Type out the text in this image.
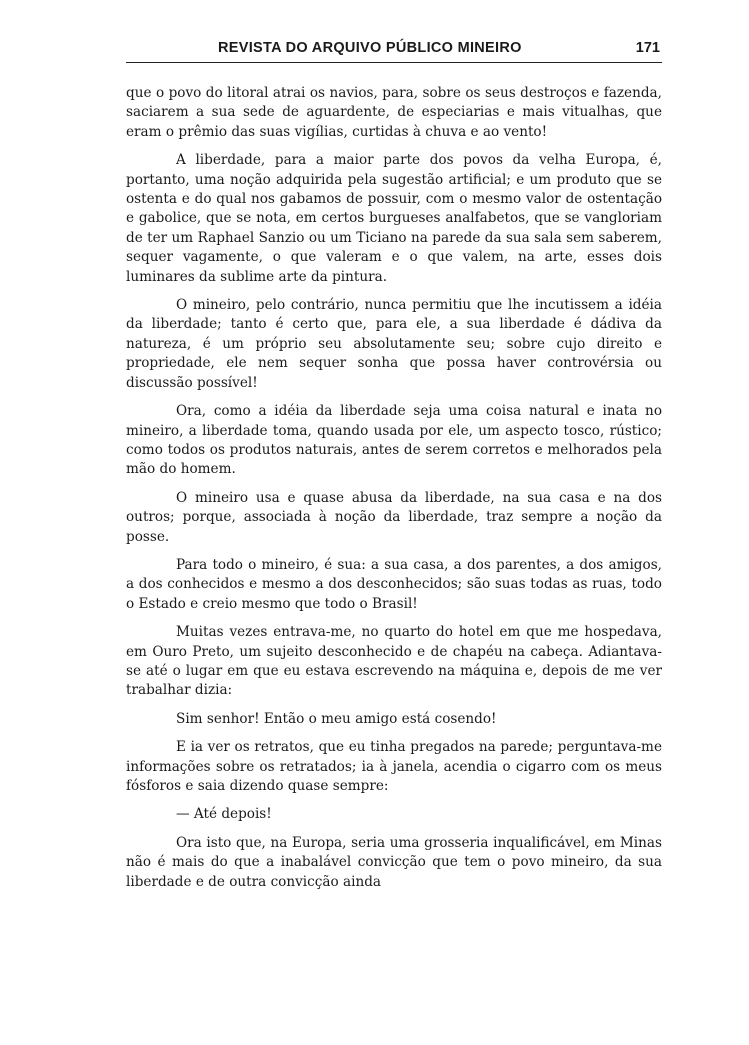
REVISTA DO ARQUIVO PÚBLICO MINEIRO	171

que o povo do litoral atrai os navios, para, sobre os seus destroços e fazenda, saciarem a sua sede de aguardente, de especiarias e mais vitualhas, que eram o prêmio das suas vigílias, curtidas à chuva e ao vento!

A liberdade, para a maior parte dos povos da velha Europa, é, portanto, uma noção adquirida pela sugestão artificial; e um produto que se ostenta e do qual nos gabamos de possuir, com o mesmo valor de ostentação e gabolice, que se nota, em certos burgueses analfabetos, que se vangloriam de ter um Raphael Sanzio ou um Ticiano na parede da sua sala sem saberem, sequer vagamente, o que valeram e o que valem, na arte, esses dois luminares da sublime arte da pintura.

O mineiro, pelo contrário, nunca permitiu que lhe incutissem a idéia da liberdade; tanto é certo que, para ele, a sua liberdade é dádiva da natureza, é um próprio seu absolutamente seu; sobre cujo direito e propriedade, ele nem sequer sonha que possa haver controvérsia ou discussão possível!

Ora, como a idéia da liberdade seja uma coisa natural e inata no mineiro, a liberdade toma, quando usada por ele, um aspecto tosco, rústico; como todos os produtos naturais, antes de serem corretos e melhorados pela mão do homem.

O mineiro usa e quase abusa da liberdade, na sua casa e na dos outros; porque, associada à noção da liberdade, traz sempre a noção da posse.

Para todo o mineiro, é sua: a sua casa, a dos parentes, a dos amigos, a dos conhecidos e mesmo a dos desconhecidos; são suas todas as ruas, todo o Estado e creio mesmo que todo o Brasil!

Muitas vezes entrava-me, no quarto do hotel em que me hospedava, em Ouro Preto, um sujeito desconhecido e de chapéu na cabeça. Adiantava-se até o lugar em que eu estava escrevendo na máquina e, depois de me ver trabalhar dizia:

Sim senhor! Então o meu amigo está cosendo!

E ia ver os retratos, que eu tinha pregados na parede; perguntava-me informações sobre os retratados; ia à janela, acendia o cigarro com os meus fósforos e saia dizendo quase sempre:

— Até depois!

Ora isto que, na Europa, seria uma grosseria inqualificável, em Minas não é mais do que a inabalável convicção que tem o povo mineiro, da sua liberdade e de outra convicção ainda
